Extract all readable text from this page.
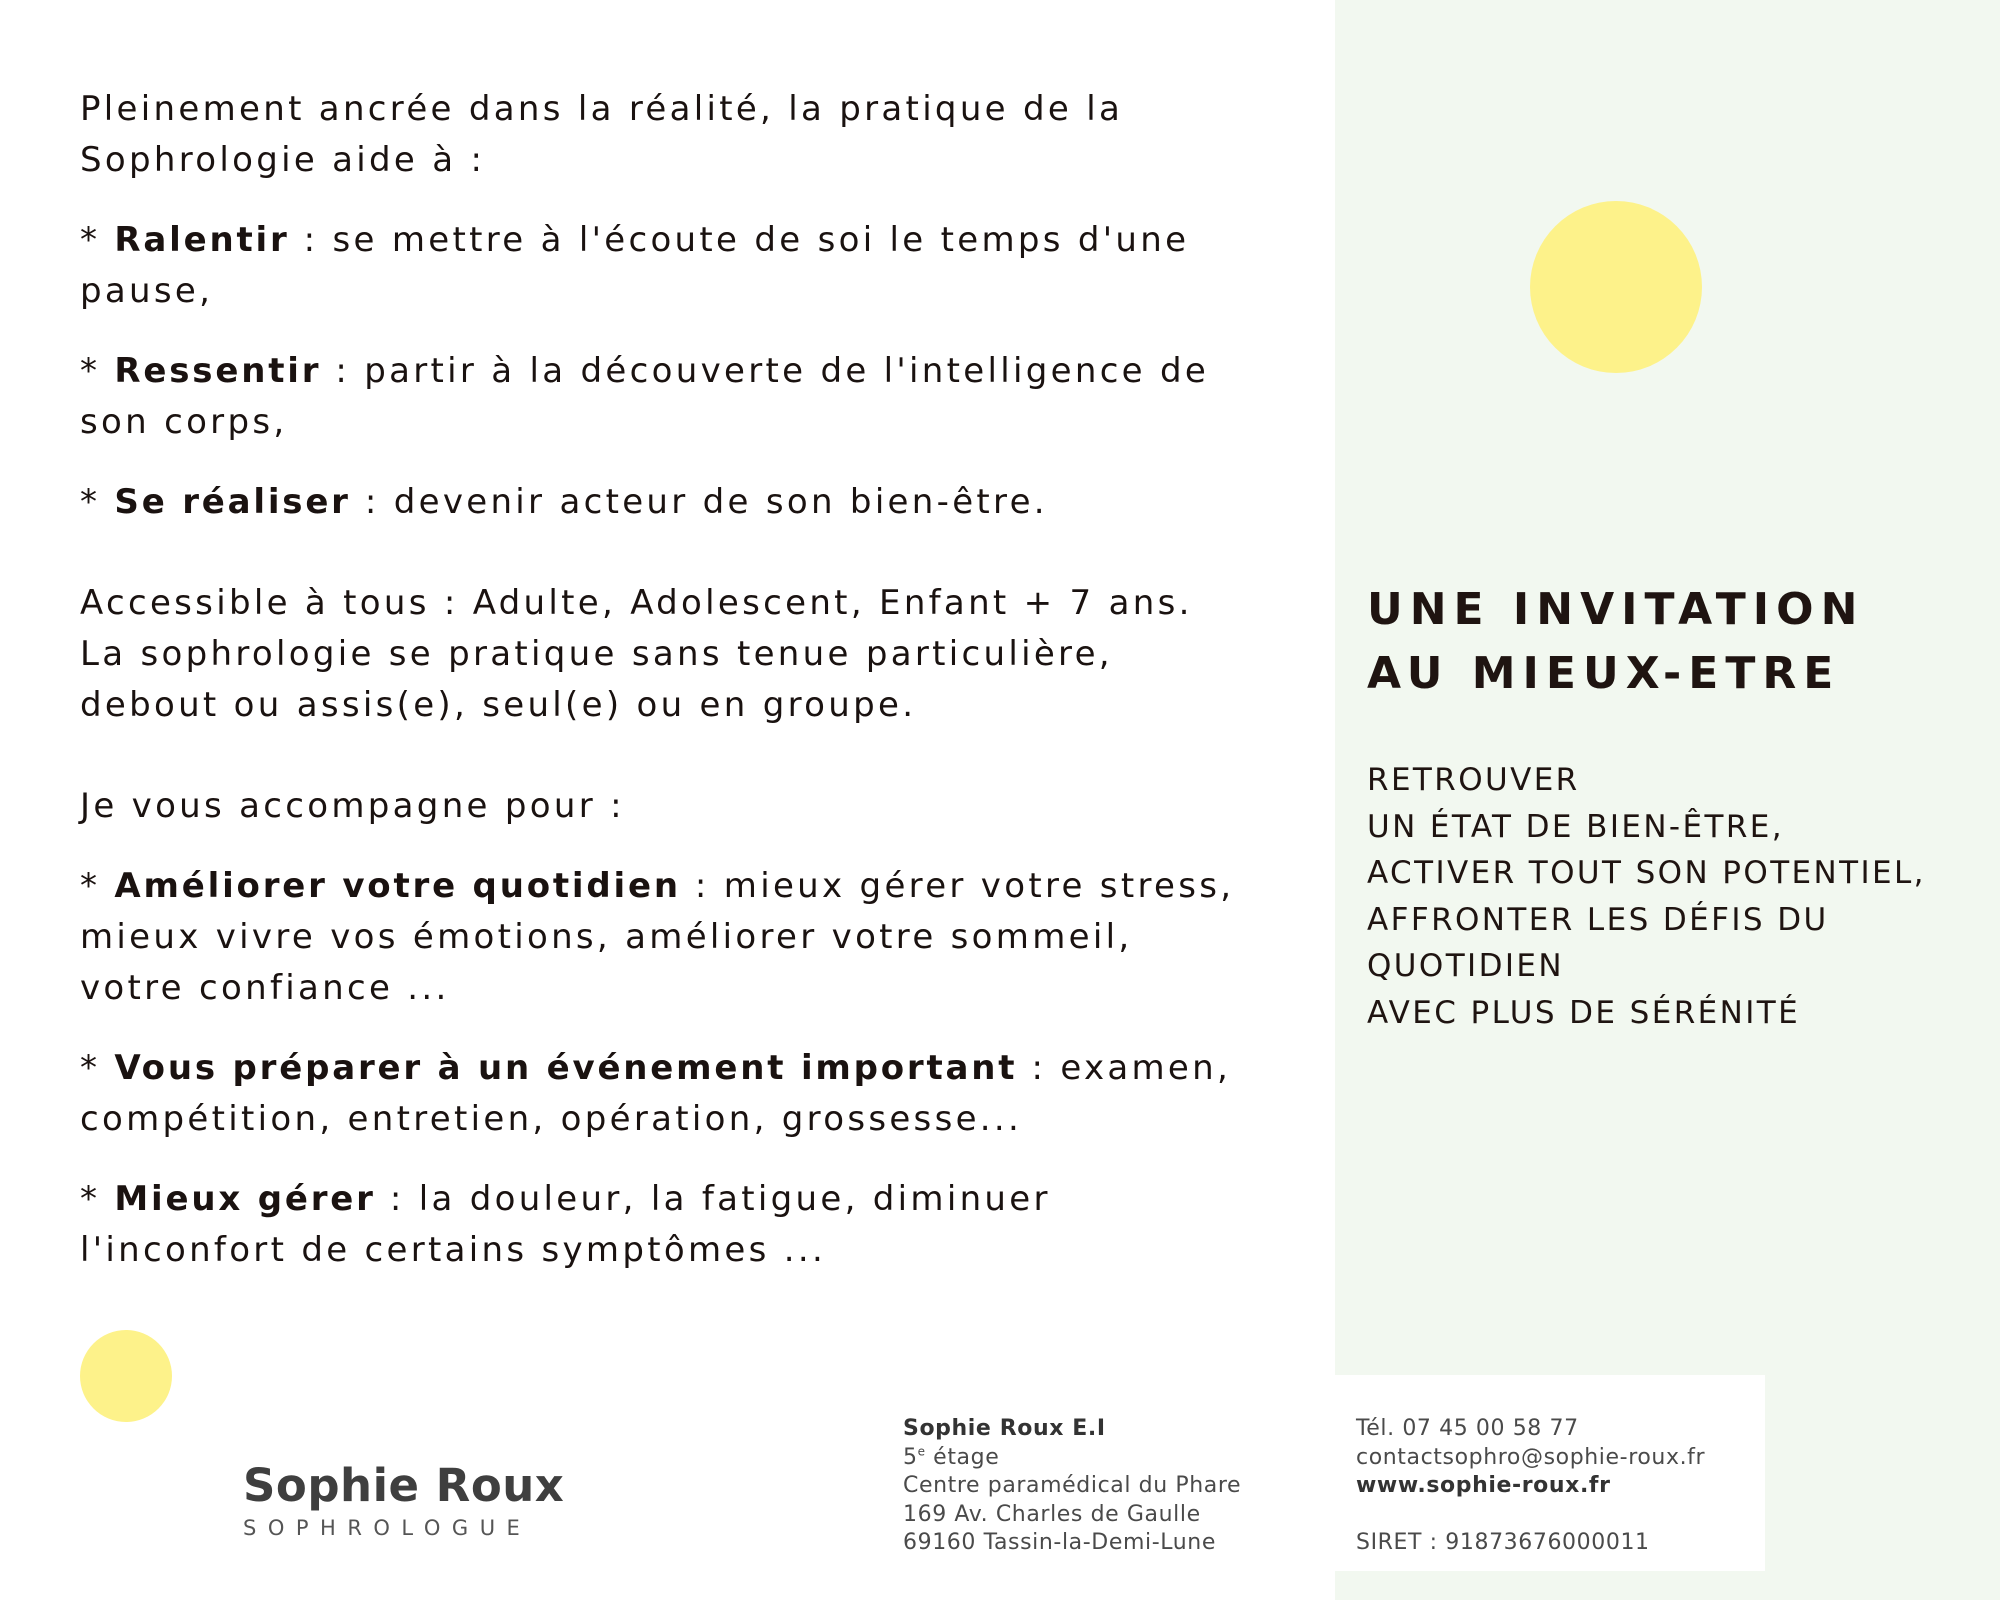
Pleinement ancrée dans la réalité, la pratique de la

Sophrologie aide à :

* Ralentir : se mettre à l'écoute de soi le temps d'une

pause,

* Ressentir : partir à la découverte de l'intelligence de

son corps,

* Se réaliser : devenir acteur de son bien-être.

Accessible à tous : Adulte, Adolescent, Enfant + 7 ans.

La sophrologie se pratique sans tenue particulière,

debout ou assis(e), seul(e) ou en groupe.

Je vous accompagne pour :

* Améliorer votre quotidien : mieux gérer votre stress,

mieux vivre vos émotions, améliorer votre sommeil,

votre confiance ...

* Vous préparer à un événement important : examen,

compétition, entretien, opération, grossesse...

* Mieux gérer : la douleur, la fatigue, diminuer

l'inconfort de certains symptômes ...

UNE INVITATION
AU MIEUX-ETRE
RETROUVER
UN ÉTAT DE BIEN-ÊTRE,
ACTIVER TOUT SON POTENTIEL,
AFFRONTER LES DÉFIS DU
QUOTIDIEN
AVEC PLUS DE SÉRÉNITÉ
Sophie Roux
SOPHROLOGUE
Sophie Roux E.I
5e étage
Centre paramédical du Phare
169 Av. Charles de Gaulle
69160 Tassin-la-Demi-Lune
Tél. 07 45 00 58 77
contactsophro@sophie-roux.fr
www.sophie-roux.fr
SIRET : 91873676000011
